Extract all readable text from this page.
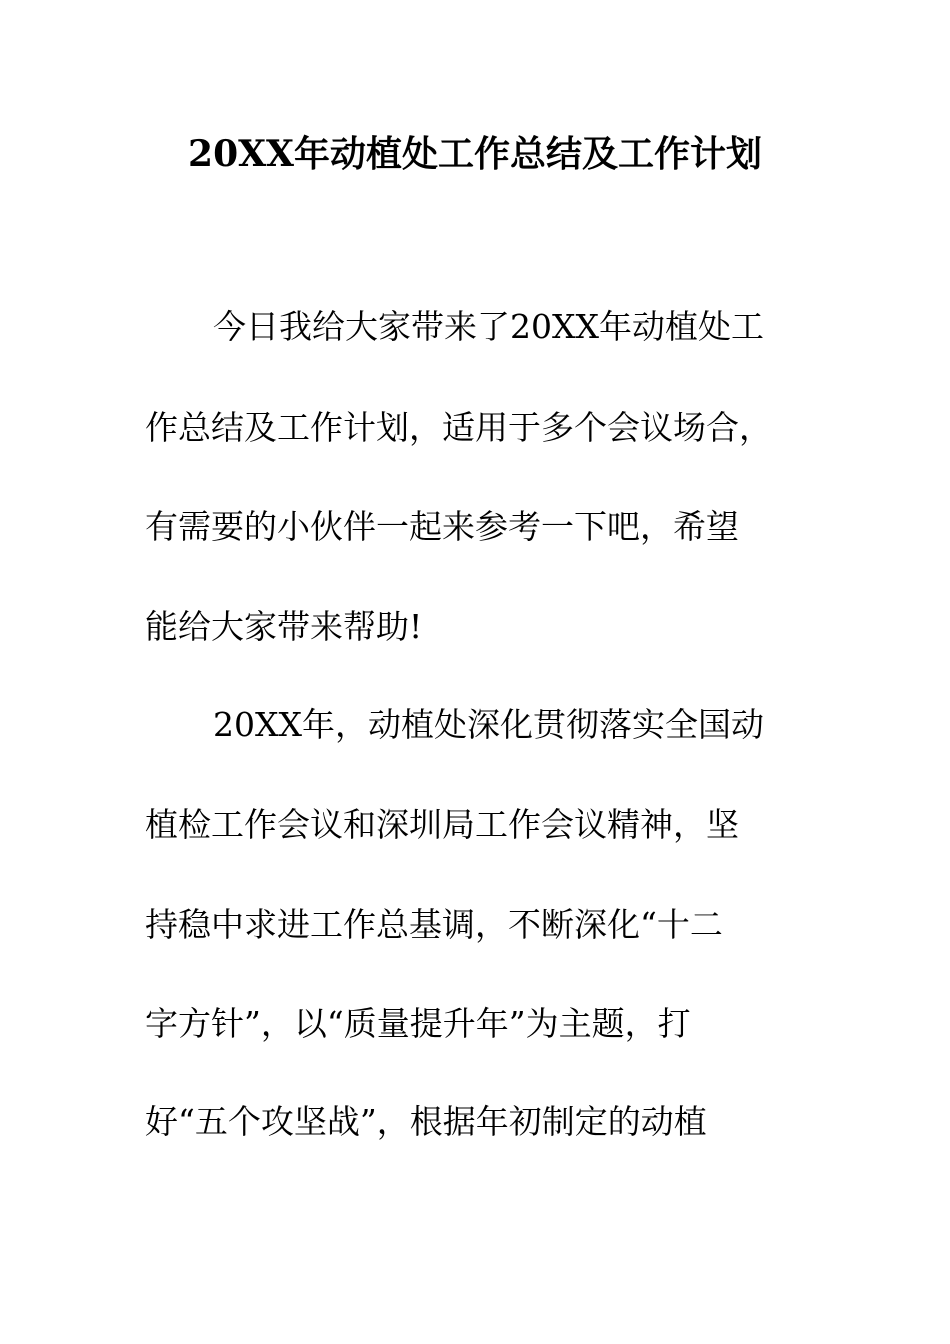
20XX年动植处工作总结及工作计划
今日我给大家带来了20XX年动植处工
作总结及工作计划，适用于多个会议场合，
有需要的小伙伴一起来参考一下吧，希望
能给大家带来帮助!
20XX年，动植处深化贯彻落实全国动
植检工作会议和深圳局工作会议精神，坚
持稳中求进工作总基调，不断深化“十二
字方针”，以“质量提升年”为主题，打
好“五个攻坚战”，根据年初制定的动植
